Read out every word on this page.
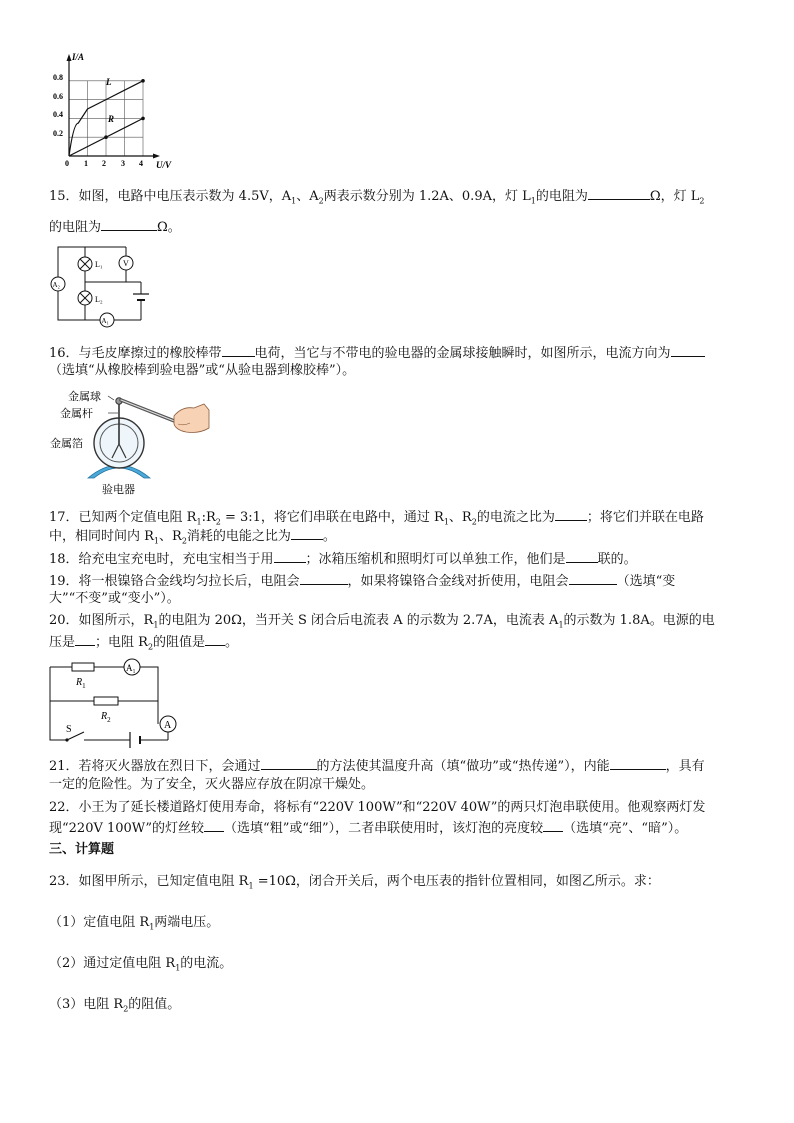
I/A
U/V
0.8
0.6
0.4
0.2
0 1 2 3 4
L
R
15．如图，电路中电压表示数为 4.5V，$A_1$、$A_2$两表示数分别为 1.2A、0.9A，灯 $L_1$的电阻为	Ω，灯 $L_2$
的电阻为	Ω。
L₁
L₂
V
A₂
A₁
16．与毛皮摩擦过的橡胶棒带	电荷，当它与不带电的验电器的金属球接触瞬时，如图所示，电流方向为
（选填“从橡胶棒到验电器”或“从验电器到橡胶棒”）。
金属球
金属杆
金属箔
验电器
17．已知两个定值电阻 $R_1:R_2$ = 3:1，将它们串联在电路中，通过 $R_1$、$R_2$的电流之比为 ；将它们并联在电路
中，相同时间内 $R_1$、$R_2$消耗的电能之比为 。
18．给充电宝充电时，充电宝相当于用 ；冰箱压缩机和照明灯可以单独工作，他们是 联的。
19．将一根镍铬合金线均匀拉长后，电阻会	，如果将镍铬合金线对折使用，电阻会	（选填“变
大”“不变”或“变小”）。
20．如图所示，$R_1$的电阻为 20Ω，当开关 S 闭合后电流表 A 的示数为 2.7A，电流表 $A_1$的示数为 1.8A。电源的电
压是 ；电阻 $R_2$的阻值是 。
$R_1$
$R_2$
A₁
A
S
21．若将灭火器放在烈日下，会通过	的方法使其温度升高（填“做功”或“热传递”），内能	，具有
一定的危险性。为了安全，灭火器应存放在阴凉干燥处。
22．小王为了延长楼道路灯使用寿命，将标有“220V 100W”和“220V 40W”的两只灯泡串联使用。他观察两灯发
现“220V 100W”的灯丝较 （选填“粗”或“细”），二者串联使用时，该灯泡的亮度较 （选填“亮”、“暗”）。
三、计算题
23．如图甲所示，已知定值电阻 $R_1 =10\Omega$，闭合开关后，两个电压表的指针位置相同，如图乙所示。求：
（1）定值电阻 $R_1$两端电压。
（2）通过定值电阻 $R_1$的电流。
（3）电阻 $R_2$的阻值。
